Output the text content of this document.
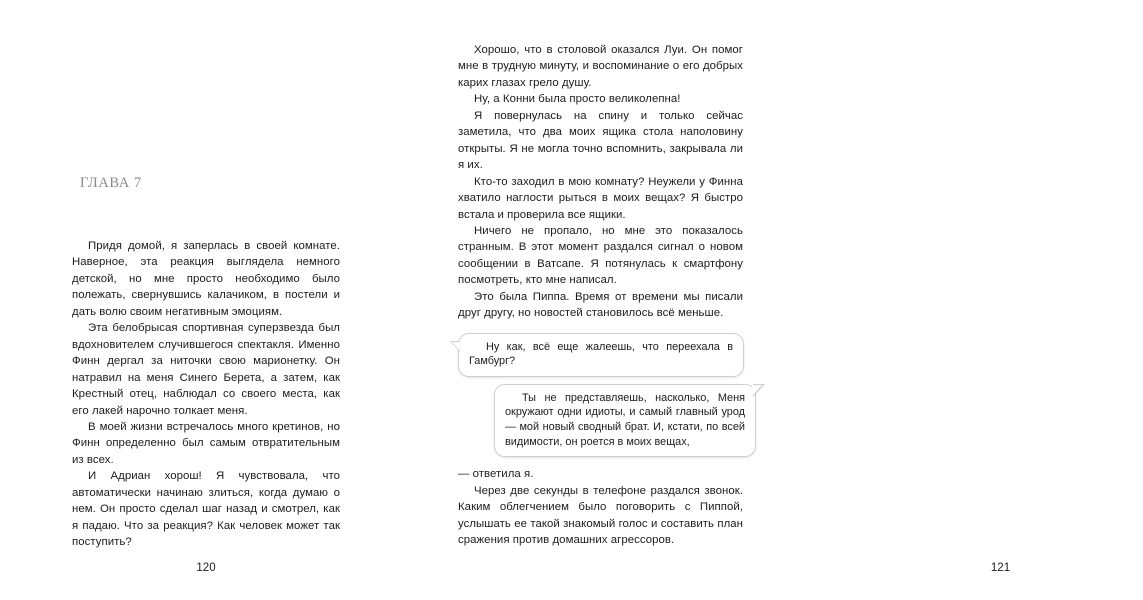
ГЛАВА 7

Придя домой, я заперлась в своей комнате. Наверное, эта реакция выглядела немного детской, но мне просто необходимо было полежать, свернувшись калачиком, в постели и дать волю своим негативным эмоциям.

Эта белобрысая спортивная суперзвезда был вдохновителем случившегося спектакля. Именно Финн дергал за ниточки свою марионетку. Он натравил на меня Синего Берета, а затем, как Крестный отец, наблюдал со своего места, как его лакей нарочно толкает меня.

В моей жизни встречалось много кретинов, но Финн определенно был самым отвратительным из всех.

И Адриан хорош! Я чувствовала, что автоматически начинаю злиться, когда думаю о нем. Он просто сделал шаг назад и смотрел, как я падаю. Что за реакция? Как человек может так поступить?

120

Хорошо, что в столовой оказался Луи. Он помог мне в трудную минуту, и воспоминание о его добрых карих глазах грело душу.

Ну, а Конни была просто великолепна!

Я повернулась на спину и только сейчас заметила, что два моих ящика стола наполовину открыты. Я не могла точно вспомнить, закрывала ли я их.

Кто-то заходил в мою комнату? Неужели у Финна хватило наглости рыться в моих вещах? Я быстро встала и проверила все ящики.

Ничего не пропало, но мне это показалось странным. В этот момент раздался сигнал о новом сообщении в Ватсапе. Я потянулась к смартфону посмотреть, кто мне написал.

Это была Пиппа. Время от времени мы писали друг другу, но новостей становилось всё меньше.

Ну как, всё еще жалеешь, что переехала в Гамбург?

Ты не представляешь, насколько, Меня окружают одни идиоты, и самый главный урод — мой новый сводный брат. И, кстати, по всей видимости, он роется в моих вещах,

— ответила я.

Через две секунды в телефоне раздался звонок. Каким облегчением было поговорить с Пиппой, услышать ее такой знакомый голос и составить план сражения против домашних агрессоров.

121
